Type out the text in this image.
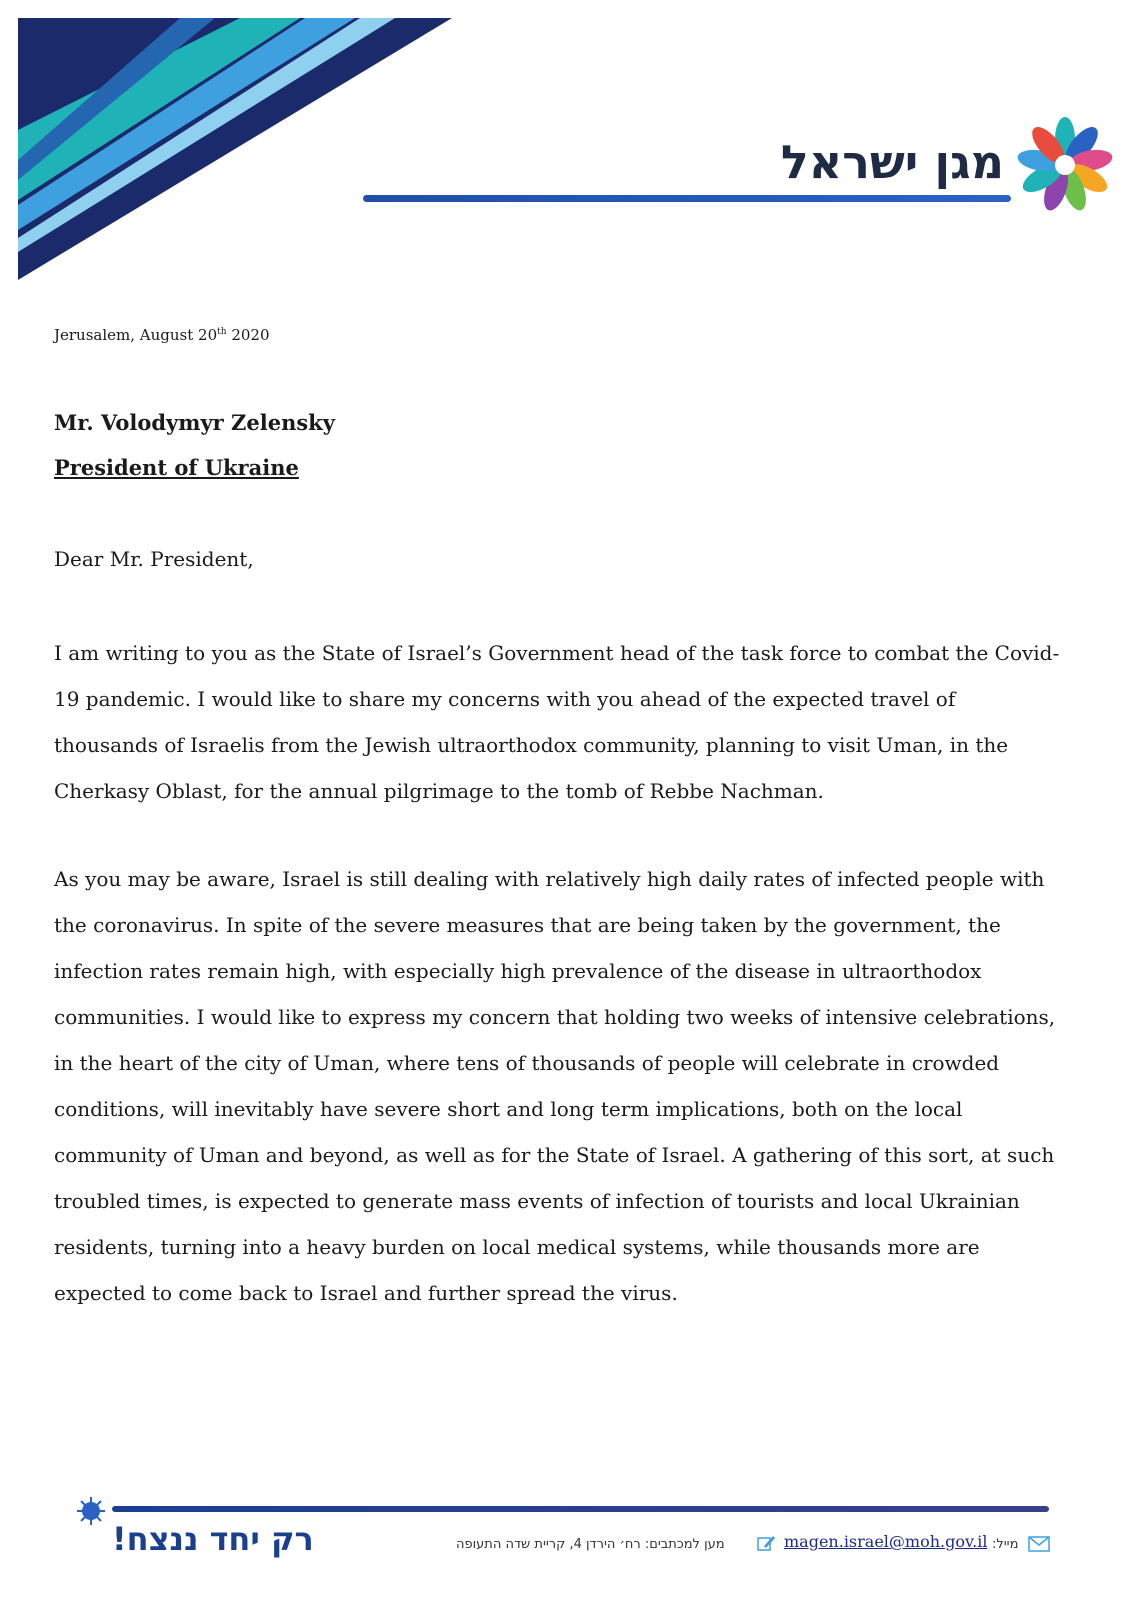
מגן ישראל
Jerusalem, August 20th 2020
Mr. Volodymyr Zelensky
President of Ukraine
Dear Mr. President,

I am writing to you as the State of Israel’s Government head of the task force to combat the Covid-19 pandemic. I would like to share my concerns with you ahead of the expected travel of thousands of Israelis from the Jewish ultraorthodox community, planning to visit Uman, in the Cherkasy Oblast, for the annual pilgrimage to the tomb of Rebbe Nachman.

As you may be aware, Israel is still dealing with relatively high daily rates of infected people with the coronavirus. In spite of the severe measures that are being taken by the government, the infection rates remain high, with especially high prevalence of the disease in ultraorthodox communities. I would like to express my concern that holding two weeks of intensive celebrations, in the heart of the city of Uman, where tens of thousands of people will celebrate in crowded conditions, will inevitably have severe short and long term implications, both on the local community of Uman and beyond, as well as for the State of Israel. A gathering of this sort, at such troubled times, is expected to generate mass events of infection of tourists and local Ukrainian residents, turning into a heavy burden on local medical systems, while thousands more are expected to come back to Israel and further spread the virus.

רק יחד ננצח!	מען למכתבים: רח׳ הירדן 4, קריית שדה התעופה	magen.israel@moh.gov.il מייל:
